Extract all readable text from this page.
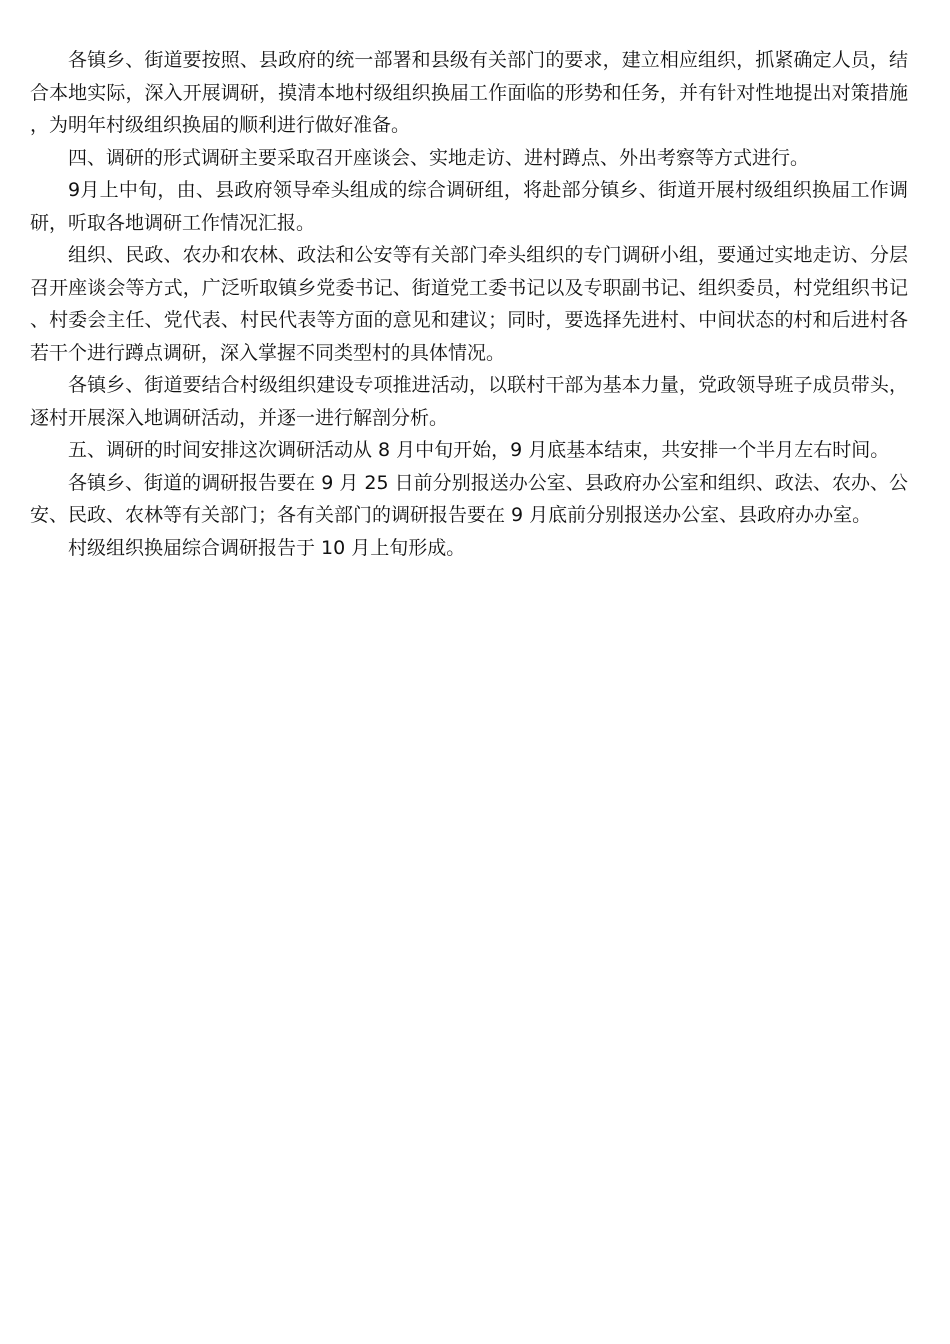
各镇乡、街道要按照、县政府的统一部署和县级有关部门的要求，建立相应组织，抓紧确定人员，结合本地实际，深入开展调研，摸清本地村级组织换届工作面临的形势和任务，并有针对性地提出对策措施，为明年村级组织换届的顺利进行做好准备。

四、调研的形式调研主要采取召开座谈会、实地走访、进村蹲点、外出考察等方式进行。

9月上中旬，由、县政府领导牵头组成的综合调研组，将赴部分镇乡、街道开展村级组织换届工作调研，听取各地调研工作情况汇报。

组织、民政、农办和农林、政法和公安等有关部门牵头组织的专门调研小组，要通过实地走访、分层召开座谈会等方式，广泛听取镇乡党委书记、街道党工委书记以及专职副书记、组织委员，村党组织书记、村委会主任、党代表、村民代表等方面的意见和建议；同时，要选择先进村、中间状态的村和后进村各若干个进行蹲点调研，深入掌握不同类型村的具体情况。

各镇乡、街道要结合村级组织建设专项推进活动，以联村干部为基本力量，党政领导班子成员带头，逐村开展深入地调研活动，并逐一进行解剖分析。

五、调研的时间安排这次调研活动从 8 月中旬开始，9 月底基本结束，共安排一个半月左右时间。

各镇乡、街道的调研报告要在 9 月 25 日前分别报送办公室、县政府办公室和组织、政法、农办、公安、民政、农林等有关部门；各有关部门的调研报告要在 9 月底前分别报送办公室、县政府办办室。

村级组织换届综合调研报告于 10 月上旬形成。
